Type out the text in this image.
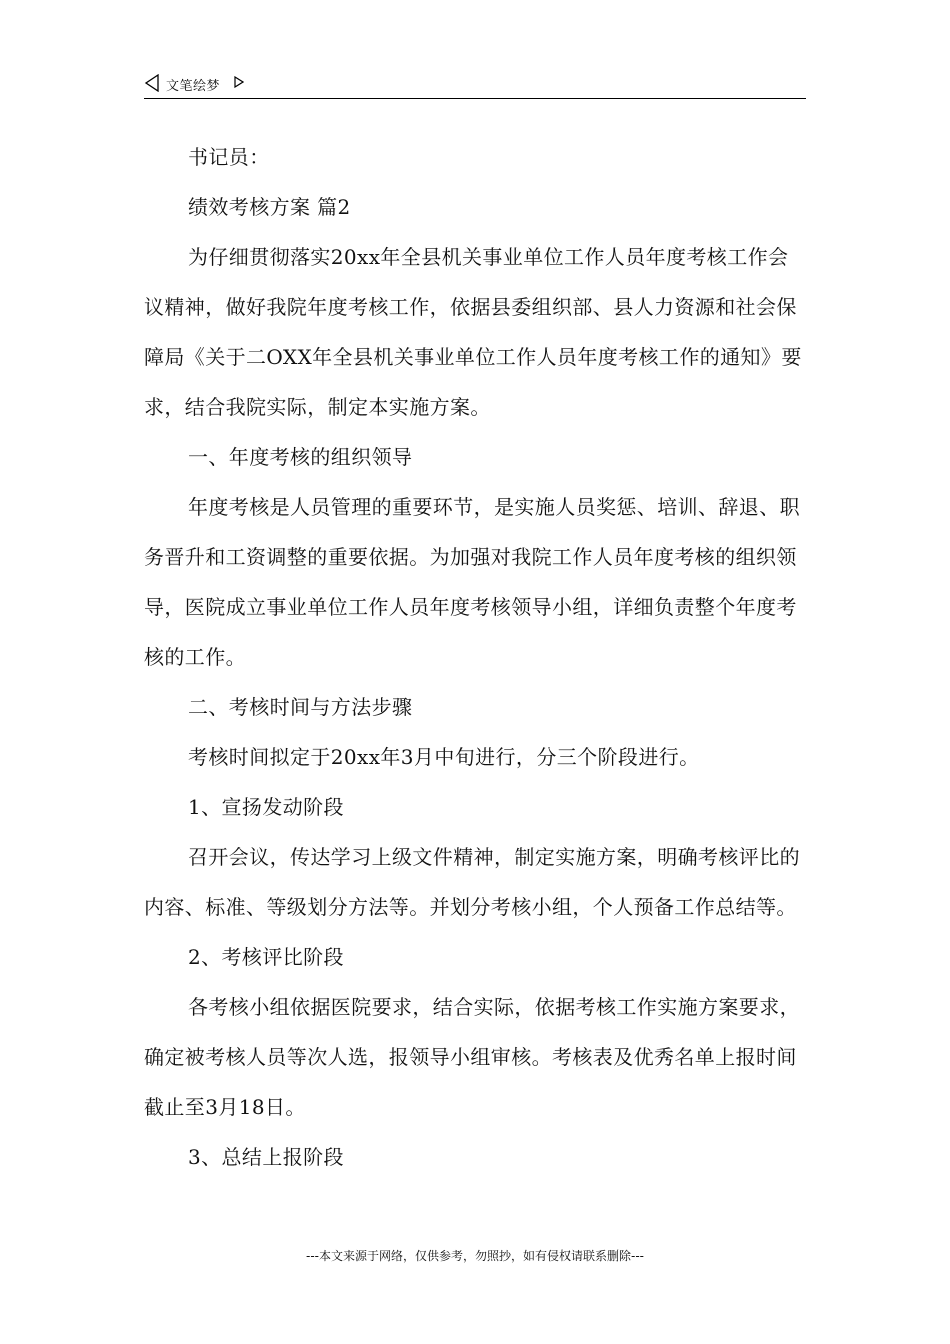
文笔绘梦

书记员：

绩效考核方案 篇2

为仔细贯彻落实20xx年全县机关事业单位工作人员年度考核工作会议精神，做好我院年度考核工作，依据县委组织部、县人力资源和社会保障局《关于二OXX年全县机关事业单位工作人员年度考核工作的通知》要求，结合我院实际，制定本实施方案。

一、年度考核的组织领导

年度考核是人员管理的重要环节，是实施人员奖惩、培训、辞退、职务晋升和工资调整的重要依据。为加强对我院工作人员年度考核的组织领导，医院成立事业单位工作人员年度考核领导小组，详细负责整个年度考核的工作。

二、考核时间与方法步骤

考核时间拟定于20xx年3月中旬进行，分三个阶段进行。

1、宣扬发动阶段

召开会议，传达学习上级文件精神，制定实施方案，明确考核评比的内容、标准、等级划分方法等。并划分考核小组，个人预备工作总结等。

2、考核评比阶段

各考核小组依据医院要求，结合实际，依据考核工作实施方案要求，确定被考核人员等次人选，报领导小组审核。考核表及优秀名单上报时间截止至3月18日。

3、总结上报阶段

---本文来源于网络，仅供参考，勿照抄，如有侵权请联系删除---
